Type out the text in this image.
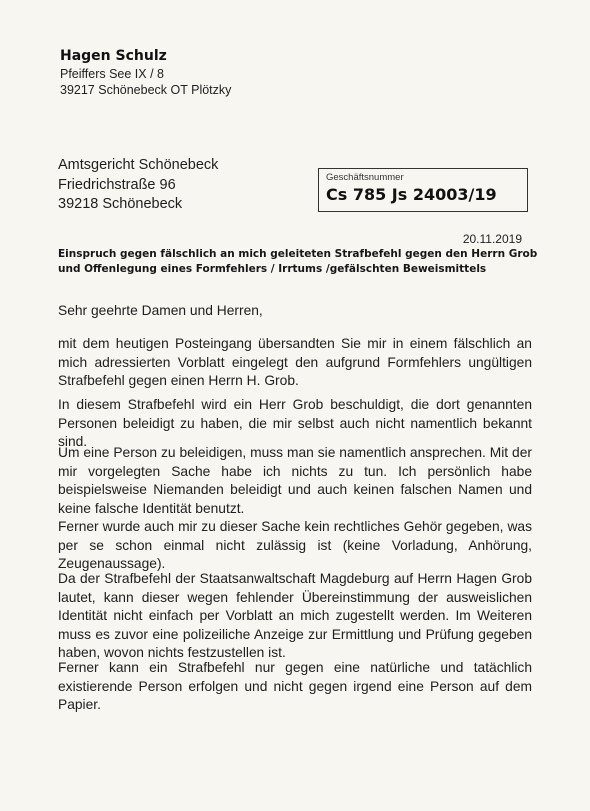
Hagen Schulz
Pfeiffers See IX / 8
39217 Schönebeck OT Plötzky
Amtsgericht Schönebeck
Friedrichstraße 96
39218 Schönebeck
Geschäftsnummer
Cs 785 Js 24003/19
20.11.2019
Einspruch gegen fälschlich an mich geleiteten Strafbefehl gegen den Herrn Grob
und Offenlegung eines Formfehlers / Irrtums /gefälschten Beweismittels
Sehr geehrte Damen und Herren,

mit dem heutigen Posteingang übersandten Sie mir in einem fälschlich an mich adressierten Vorblatt eingelegt den aufgrund Formfehlers ungültigen Strafbefehl gegen einen Herrn H. Grob.

In diesem Strafbefehl wird ein Herr Grob beschuldigt, die dort genannten Personen beleidigt zu haben, die mir selbst auch nicht namentlich bekannt sind.

Um eine Person zu beleidigen, muss man sie namentlich ansprechen. Mit der mir vorgelegten Sache habe ich nichts zu tun. Ich persönlich habe beispielsweise Niemanden beleidigt und auch keinen falschen Namen und keine falsche Identität benutzt.

Ferner wurde auch mir zu dieser Sache kein rechtliches Gehör gegeben, was per se schon einmal nicht zulässig ist (keine Vorladung, Anhörung, Zeugenaussage).

Da der Strafbefehl der Staatsanwaltschaft Magdeburg auf Herrn Hagen Grob lautet, kann dieser wegen fehlender Übereinstimmung der ausweislichen Identität nicht einfach per Vorblatt an mich zugestellt werden. Im Weiteren muss es zuvor eine polizeiliche Anzeige zur Ermittlung und Prüfung gegeben haben, wovon nichts festzustellen ist.

Ferner kann ein Strafbefehl nur gegen eine natürliche und tatächlich existierende Person erfolgen und nicht gegen irgend eine Person auf dem Papier.
